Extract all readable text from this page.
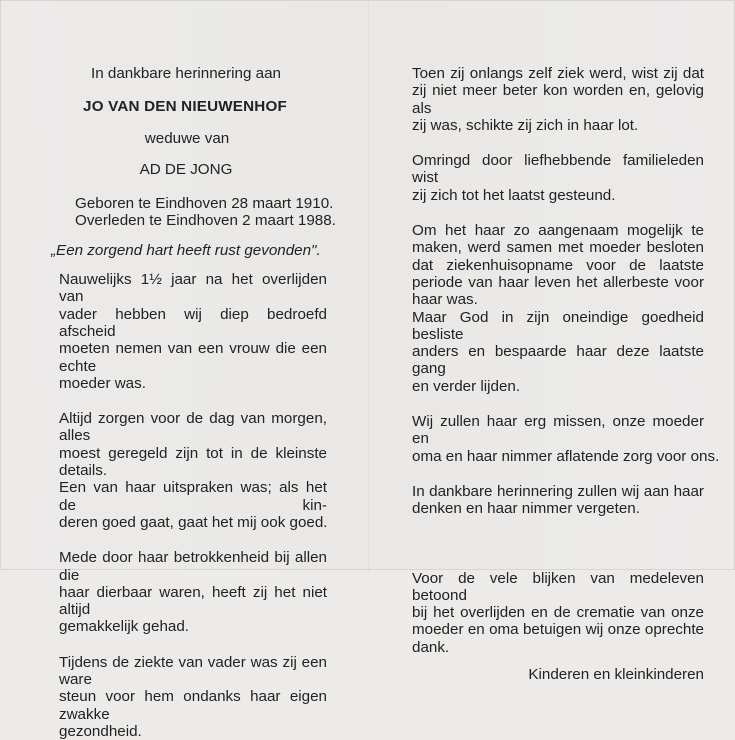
In dankbare herinnering aan
JO VAN DEN NIEUWENHOF
weduwe van
AD DE JONG
Geboren te Eindhoven 28 maart 1910.
Overleden te Eindhoven 2 maart 1988.
„Een zorgend hart heeft rust gevonden".
Nauwelijks 1½ jaar na het overlijden van
vader hebben wij diep bedroefd afscheid
moeten nemen van een vrouw die een echte
moeder was.
Altijd zorgen voor de dag van morgen, alles
moest geregeld zijn tot in de kleinste details.
Een van haar uitspraken was; als het de kin-
deren goed gaat, gaat het mij ook goed.
Mede door haar betrokkenheid bij allen die
haar dierbaar waren, heeft zij het niet altijd
gemakkelijk gehad.
Tijdens de ziekte van vader was zij een ware
steun voor hem ondanks haar eigen zwakke
gezondheid.
Toen zij onlangs zelf ziek werd, wist zij dat
zij niet meer beter kon worden en, gelovig als
zij was, schikte zij zich in haar lot.
Omringd door liefhebbende familieleden wist
zij zich tot het laatst gesteund.
Om het haar zo aangenaam mogelijk te
maken, werd samen met moeder besloten
dat ziekenhuisopname voor de laatste
periode van haar leven het allerbeste voor
haar was.
Maar God in zijn oneindige goedheid besliste
anders en bespaarde haar deze laatste gang
en verder lijden.
Wij zullen haar erg missen, onze moeder en
oma en haar nimmer aflatende zorg voor ons.
In dankbare herinnering zullen wij aan haar
denken en haar nimmer vergeten.
Voor de vele blijken van medeleven betoond
bij het overlijden en de crematie van onze
moeder en oma betuigen wij onze oprechte
dank.
Kinderen en kleinkinderen
